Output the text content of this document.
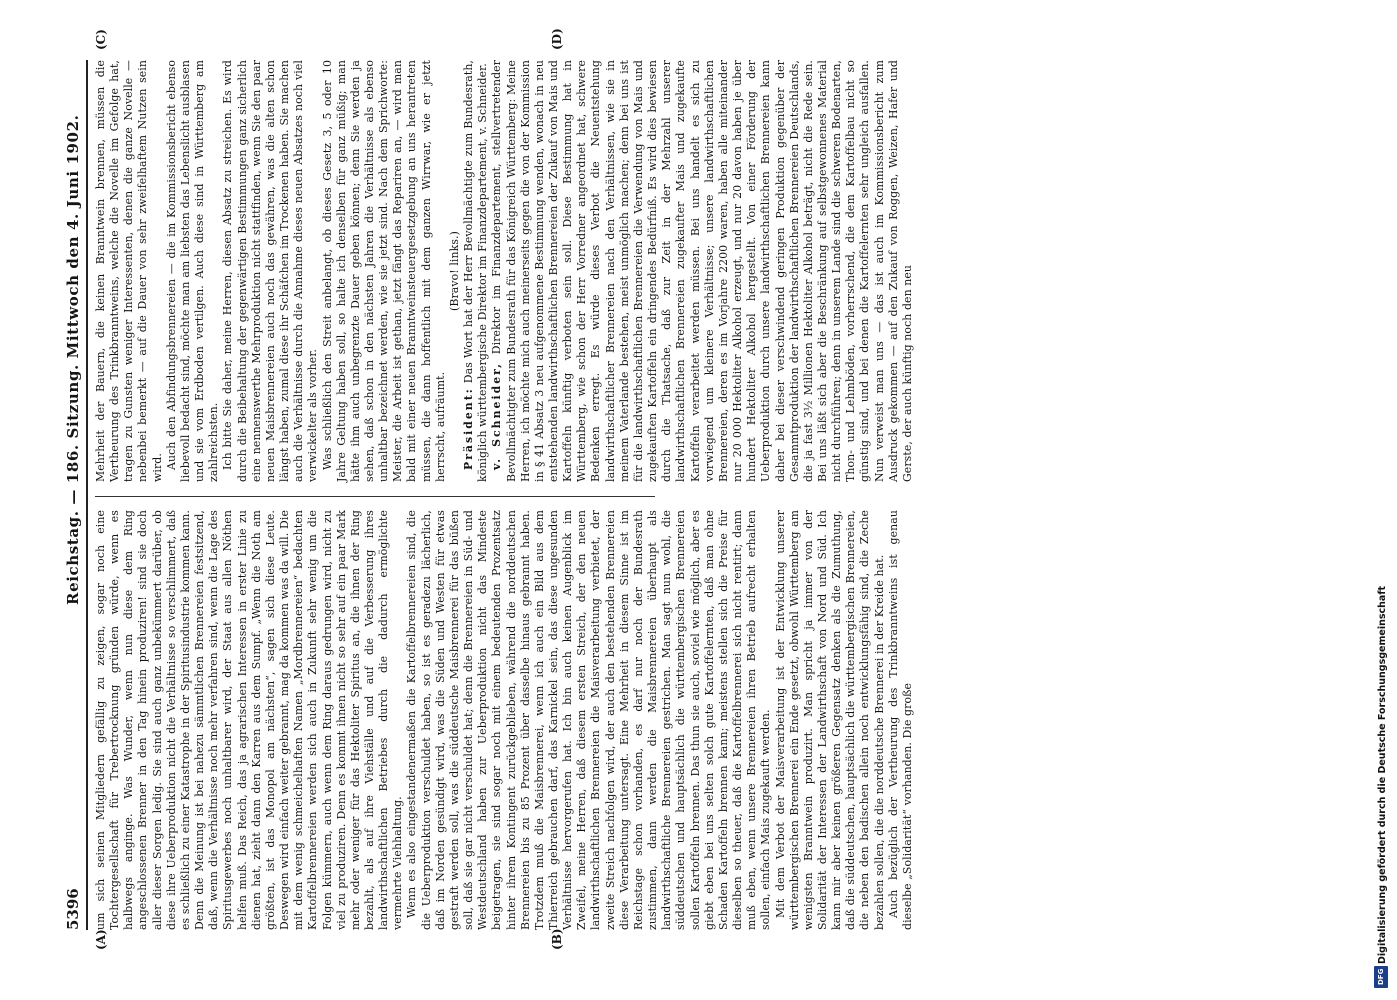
5396
Reichstag. — 186. Sitzung. Mittwoch den 4. Juni 1902.
(A)	(B)
(C)	(D)

um sich seinen Mitgliedern gefällig zu zeigen, sogar noch eine Tochtergesellschaft für Trebertrocknung gründen würde, wenn es halbwegs anginge. Was Wunder, wenn nun diese dem Ring angeschlossenen Brenner in den Tag hinein produziren! sind sie doch aller dieser Sorgen ledig. Sie sind auch ganz unbekümmert darüber, ob diese ihre Ueberproduktion nicht die Verhältnisse so verschlimmert, daß es schließlich zu einer Katastrophe in der Spiritusindustrie kommen kann. Denn die Meinung ist bei nahezu sämmtlichen Brennereien festsitzend, daß, wenn die Verhältnisse noch mehr verfahren sind, wenn die Lage des Spiritusgewerbes noch unhaltbarer wird, der Staat aus allen Nöthen helfen muß. Das Reich, das ja agrarischen Interessen in erster Linie zu dienen hat, zieht dann den Karren aus dem Sumpf. „Wenn die Noth am größten, ist das Monopol am nächsten“, sagen sich diese Leute. Deswegen wird einfach weiter gebrannt, mag da kommen was da will. Die mit dem wenig schmeichelhaften Namen „Mordbrennereien“ bedachten Kartoffelbrennereien werden sich auch in Zukunft sehr wenig um die Folgen kümmern, auch wenn dem Ring daraus gedrungen wird, nicht zu viel zu produziren. Denn es kommt ihnen nicht so sehr auf ein paar Mark mehr oder weniger für das Hektoliter Spiritus an, die ihnen der Ring bezahlt, als auf ihre Viehställe und auf die Verbesserung ihres landwirthschaftlichen Betriebes durch die dadurch ermöglichte vermehrte Viehhaltung. Wenn es also eingestandenermaßen die Kartoffelbrennereien sind, die die Ueberproduktion verschuldet haben, so ist es geradezu lächerlich, daß im Norden gesündigt wird, was die Süden und Westen für etwas gestraft werden soll, was die süddeutsche Maisbrennerei für das büßen soll, daß sie gar nicht verschuldet hat; denn die Brennereien in Süd- und Westdeutschland haben zur Ueberproduktion nicht das Mindeste beigetragen, sie sind sogar noch mit einem bedeutenden Prozentsatz hinter ihrem Kontingent zurückgeblieben, während die norddeutschen Brennereien bis zu 85 Prozent über dasselbe hinaus gebrannt haben. Trotzdem muß die Maisbrennerei, wenn ich auch ein Bild aus dem Thierreich gebrauchen darf, das Karnickel sein, das diese ungesunden Verhältnisse hervorgerufen hat. Ich bin auch keinen Augenblick im Zweifel, meine Herren, daß diesem ersten Streich, der den neuen landwirthschaftlichen Brennereien die Maisverarbeitung verbietet, der zweite Streich nachfolgen wird, der auch den bestehenden Brennereien diese Verarbeitung untersagt. Eine Mehrheit in diesem Sinne ist im Reichstage schon vorhanden, es darf nur noch der Bundesrath zustimmen, dann werden die Maisbrennereien überhaupt als landwirthschaftliche Brennereien gestrichen. Man sagt nun wohl, die süddeutschen und hauptsächlich die württembergischen Brennereien sollen Kartoffeln brennen. Das thun sie auch, soviel wie möglich, aber es giebt eben bei uns selten solch gute Kartoffelernten, daß man ohne Schaden Kartoffeln brennen kann; meistens stellen sich die Preise für dieselben so theuer, daß die Kartoffelbrennerei sich nicht rentirt; dann muß eben, wenn unsere Brennereien ihren Betrieb aufrecht erhalten sollen, einfach Mais zugekauft werden. Mit dem Verbot der Maisverarbeitung ist der Entwicklung unserer württembergischen Brennerei ein Ende gesetzt, obwohl Württemberg am wenigsten Branntwein produzirt. Man spricht ja immer von der Solidarität der Interessen der Landwirthschaft von Nord und Süd. Ich kann mir aber keinen größeren Gegensatz denken als die Zumuthung, daß die süddeutschen, hauptsächlich die württembergischen Brennereien, die neben den badischen allein noch entwicklungsfähig sind, die Zeche bezahlen sollen, die die norddeutsche Brennerei in der Kreide hat. Auch bezüglich der Vertheurung des Trinkbranntweins ist genau dieselbe „Solidarität“ vorhanden. Die große

Mehrheit der Bauern, die keinen Branntwein brennen, müssen die Vertheurung des Trinkbranntweins, welche die Novelle im Gefolge hat, tragen zu Gunsten weniger Interessenten, denen die ganze Novelle — nebenbei bemerkt — auf die Dauer von sehr zweifelhaftem Nutzen sein wird. Auch den Abfindungsbrennereien — die im Kommissionsbericht ebenso liebevoll bedacht sind, möchte man am liebsten das Lebenslicht ausblasen und sie vom Erdboden vertilgen. Auch diese sind in Württemberg am zahlreichsten. Ich bitte Sie daher, meine Herren, diesen Absatz zu streichen. Es wird durch die Beibehaltung der gegenwärtigen Bestimmungen ganz sicherlich eine nennenswerthe Mehrproduktion nicht stattfinden, wenn Sie den paar neuen Maisbrennereien auch noch das gewähren, was die alten schon längst haben, zumal diese ihr Schäfchen im Trockenen haben. Sie machen auch die Verhältnisse durch die Annahme dieses neuen Absatzes noch viel verwickelter als vorher. Was schließlich den Streit anbelangt, ob dieses Gesetz 3, 5 oder 10 Jahre Geltung haben soll, so halte ich denselben für ganz müßig; man hätte ihm auch unbegrenzte Dauer geben können; denn Sie werden ja sehen, daß schon in den nächsten Jahren die Verhältnisse als ebenso unhaltbar bezeichnet werden, wie sie jetzt sind. Nach dem Sprichworte: Meister, die Arbeit ist gethan, jetzt fängt das Repariren an, — wird man bald mit einer neuen Branntweinsteuergesetzgebung an uns herantreten müssen, die dann hoffentlich mit dem ganzen Wirrwar, wie er jetzt herrscht, aufräumt.

(Bravo! links.)

Präsident: Das Wort hat der Herr Bevollmächtigte zum Bundesrath, königlich württembergische Direktor im Finanzdepartement, v. Schneider. v. Schneider, Direktor im Finanzdepartement, stellvertretender Bevollmächtigter zum Bundesrath für das Königreich Württemberg: Meine Herren, ich möchte mich auch meinerseits gegen die von der Kommission in § 41 Absatz 3 neu aufgenommene Bestimmung wenden, wonach in neu entstehenden landwirthschaftlichen Brennereien der Zukauf von Mais und Kartoffeln künftig verboten sein soll. Diese Bestimmung hat in Württemberg, wie schon der Herr Vorredner angeordnet hat, schwere Bedenken erregt. Es würde dieses Verbot die Neuentstehung landwirthschaftlicher Brennereien nach den Verhältnissen, wie sie in meinem Vaterlande bestehen, meist unmöglich machen; denn bei uns ist für die landwirthschaftlichen Brennereien die Verwendung von Mais und zugekauften Kartoffeln ein dringendes Bedürfniß. Es wird dies bewiesen durch die Thatsache, daß zur Zeit in der Mehrzahl unserer landwirthschaftlichen Brennereien zugekaufter Mais und zugekaufte Kartoffeln verarbeitet werden müssen. Bei uns handelt es sich zu vorwiegend um kleinere Verhältnisse; unsere landwirthschaftlichen Brennereien, deren es im Vorjahre 2200 waren, haben alle miteinander nur 20 000 Hektoliter Alkohol erzeugt, und nur 20 davon haben je über hundert Hektoliter Alkohol hergestellt. Von einer Förderung der Ueberproduktion durch unsere landwirthschaftlichen Brennereien kann daher bei dieser verschwindend geringen Produktion gegenüber der Gesammtproduktion der landwirthschaftlichen Brennereien Deutschlands, die ja fast 3½ Millionen Hektoliter Alkohol beträgt, nicht die Rede sein. Bei uns läßt sich aber die Beschränkung auf selbstgewonnenes Material nicht durchführen; denn in unserem Lande sind die schweren Bodenarten, Thon- und Lehmböden, vorherrschend, die dem Kartoffelbau nicht so günstig sind, und bei denen die Kartoffelernten sehr ungleich ausfallen. Nun verweist man uns — das ist auch im Kommissionsbericht zum Ausdruck gekommen — auf den Zukauf von Roggen, Weizen, Hafer und Gerste, der auch künftig noch den neu

Digitalisierung gefördert durch die Deutsche Forschungsgemeinschaft
DFG
